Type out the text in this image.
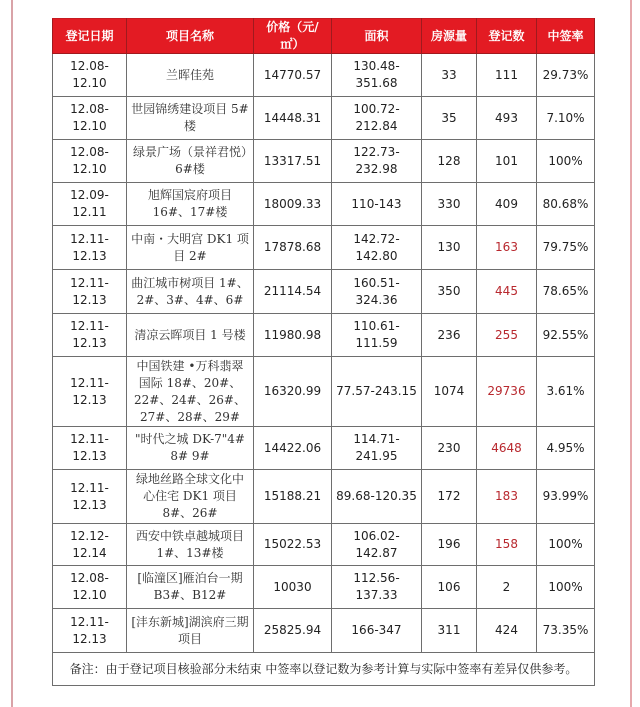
登记日期	项目名称	价格（元/㎡）	面积	房源量	登记数	中签率
12.08-12.10	兰晖佳苑	14770.57	130.48-351.68	33	111	29.73%
12.08-12.10	世园锦绣建设项目 5#楼	14448.31	100.72-212.84	35	493	7.10%
12.08-12.10	绿景广场（景祥君悦）6#楼	13317.51	122.73-232.98	128	101	100%
12.09-12.11	旭辉国宸府项目 16#、17#楼	18009.33	110-143	330	409	80.68%
12.11-12.13	中南・大明宫 DK1 项目 2#	17878.68	142.72-142.80	130	163	79.75%
12.11-12.13	曲江城市树项目 1#、2#、3#、4#、6#	21114.54	160.51-324.36	350	445	78.65%
12.11-12.13	清凉云晖项目 1 号楼	11980.98	110.61-111.59	236	255	92.55%
12.11-12.13	中国铁建 •万科翡翠国际 18#、20#、22#、24#、26#、27#、28#、29#	16320.99	77.57-243.15	1074	29736	3.61%
12.11-12.13	"时代之城 DK-7"4# 8# 9#	14422.06	114.71-241.95	230	4648	4.95%
12.11-12.13	绿地丝路全球文化中心住宅 DK1 项目 8#、26#	15188.21	89.68-120.35	172	183	93.99%
12.12-12.14	西安中铁卓越城项目 1#、13#楼	15022.53	106.02-142.87	196	158	100%
12.08-12.10	[临潼区]雁泊台一期 B3#、B12#	10030	112.56-137.33	106	2	100%
12.11-12.13	[沣东新城]湖滨府三期项目	25825.94	166-347	311	424	73.35%
备注：由于登记项目核验部分未结束 中签率以登记数为参考计算与实际中签率有差异仅供参考。						
